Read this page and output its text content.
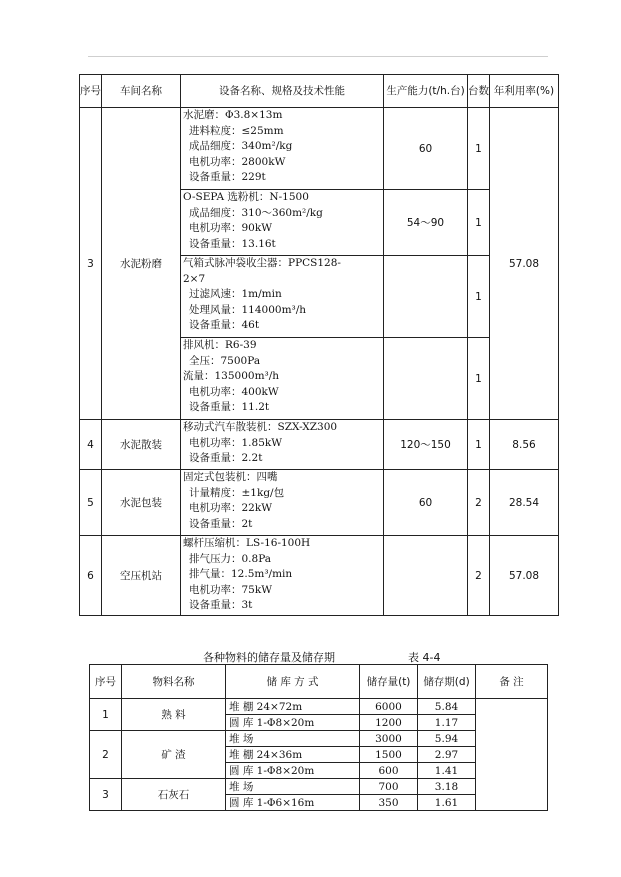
序号	车间名称	设备名称、规格及技术性能	生产能力(t/h.台)	台数	年利用率(%)
3	水泥粉磨	水泥磨：Φ3.8×13m
进料粒度：≤25mm
成品细度：340m²/kg
电机功率：2800kW
设备重量：229t	60	1	57.08

		O-SEPA 选粉机：N-1500
成品细度：310～360m²/kg
电机功率：90kW
设备重量：13.16t	54～90	1	

		气箱式脉冲袋收尘器：PPCS128-
2×7
过滤风速：1m/min
处理风量：114000m³/h
设备重量：46t		1	

		排风机：R6-39
全压：7500Pa
流量：135000m³/h
电机功率：400kW
设备重量：11.2t		1	
4	水泥散装	移动式汽车散装机：SZX-XZ300
电机功率：1.85kW
设备重量：2.2t	120～150	1	8.56
5	水泥包装	固定式包装机：四嘴
计量精度：±1kg/包
电机功率：22kW
设备重量：2t	60	2	28.54
6	空压机站	螺杆压缩机：LS-16-100H
排气压力：0.8Pa
排气量：12.5m³/min
电机功率：75kW
设备重量：3t		2	57.08
各种物料的储存量及储存期	表 4-4
序号	物料名称	储 库 方 式	储存量(t)	储存期(d)	备 注
1	熟 料	堆 棚 24×72m	6000	5.84	
		圆 库 1-Φ8×20m	1200	1.17	
2	矿 渣	堆 场	3000	5.94	
		堆 棚 24×36m	1500	2.97	
		圆 库 1-Φ8×20m	600	1.41	
3	石灰石	堆 场	700	3.18	
		圆 库 1-Φ6×16m	350	1.61	
